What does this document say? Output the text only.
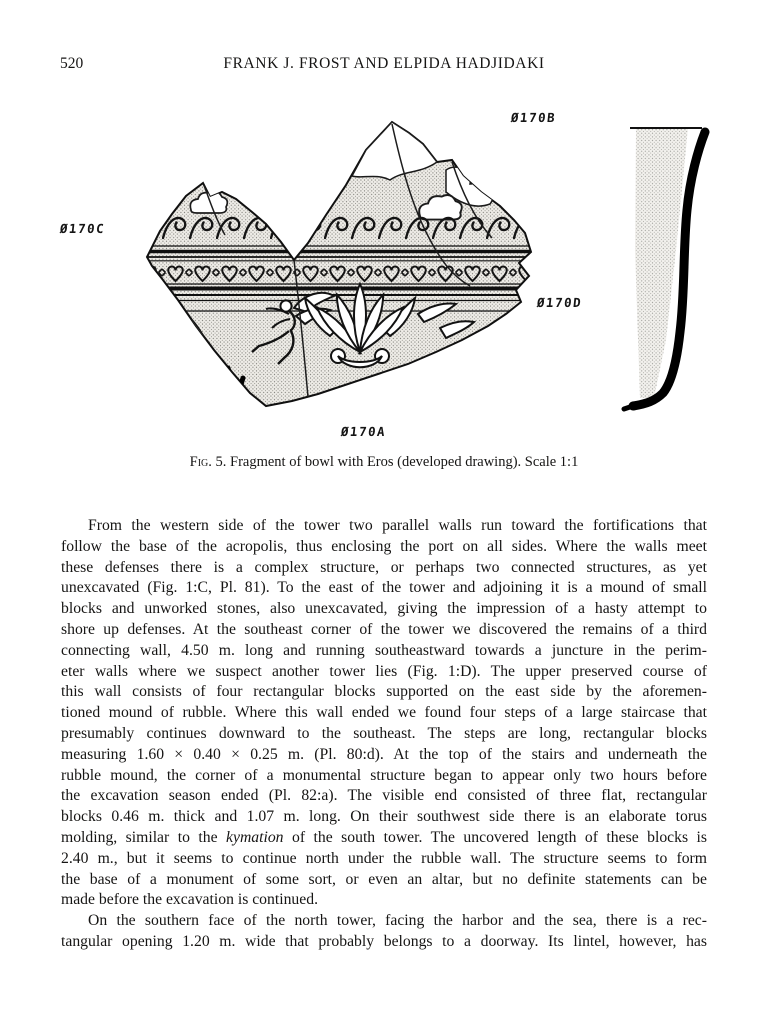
520	FRANK J. FROST AND ELPIDA HADJIDAKI
Ø170B
Ø170C
Ø170D
Ø170A
Fig. 5. Fragment of bowl with Eros (developed drawing). Scale 1:1
From the western side of the tower two parallel walls run toward the fortifications that
follow the base of the acropolis, thus enclosing the port on all sides. Where the walls meet
these defenses there is a complex structure, or perhaps two connected structures, as yet
unexcavated (Fig. 1:C, Pl. 81). To the east of the tower and adjoining it is a mound of small
blocks and unworked stones, also unexcavated, giving the impression of a hasty attempt to
shore up defenses. At the southeast corner of the tower we discovered the remains of a third
connecting wall, 4.50 m. long and running southeastward towards a juncture in the perim-
eter walls where we suspect another tower lies (Fig. 1:D). The upper preserved course of
this wall consists of four rectangular blocks supported on the east side by the aforemen-
tioned mound of rubble. Where this wall ended we found four steps of a large staircase that
presumably continues downward to the southeast. The steps are long, rectangular blocks
measuring 1.60 × 0.40 × 0.25 m. (Pl. 80:d). At the top of the stairs and underneath the
rubble mound, the corner of a monumental structure began to appear only two hours before
the excavation season ended (Pl. 82:a). The visible end consisted of three flat, rectangular
blocks 0.46 m. thick and 1.07 m. long. On their southwest side there is an elaborate torus
molding, similar to the kymation of the south tower. The uncovered length of these blocks is
2.40 m., but it seems to continue north under the rubble wall. The structure seems to form
the base of a monument of some sort, or even an altar, but no definite statements can be
made before the excavation is continued.
On the southern face of the north tower, facing the harbor and the sea, there is a rec-
tangular opening 1.20 m. wide that probably belongs to a doorway. Its lintel, however, has
